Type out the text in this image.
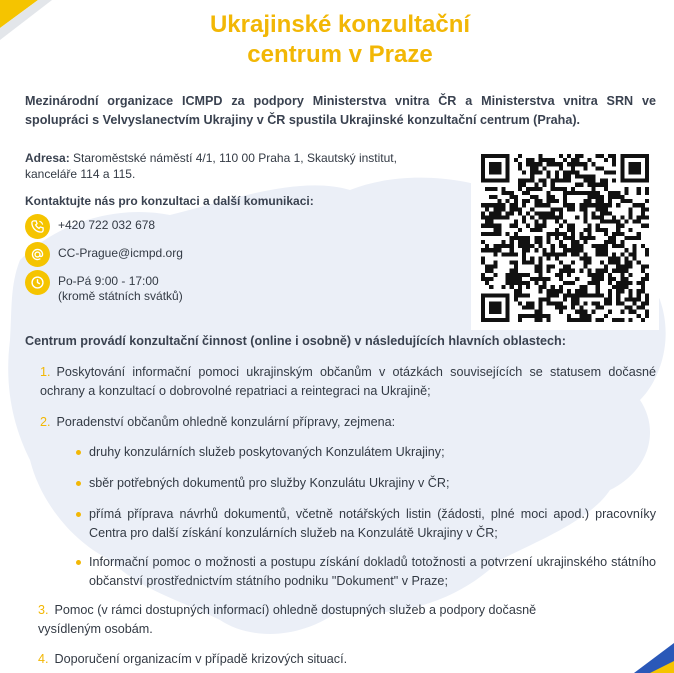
Ukrajinské konzultační
centrum v Praze
Mezinárodní organizace ICMPD za podpory Ministerstva vnitra ČR a Ministerstva vnitra SRN ve spolupráci s Velvyslanectvím Ukrajiny v ČR spustila Ukrajinské konzultační centrum (Praha).
Adresa: Staroměstské náměstí 4/1, 110 00 Praha 1, Skautský institut, kanceláře 114 a 115.
Kontaktujte nás pro konzultaci a další komunikaci:
+420 722 032 678
CC-Prague@icmpd.org
Po-Pá 9:00 - 17:00
(kromě státních svátků)
Centrum provádí konzultační činnost (online i osobně) v následujících hlavních oblastech:
1. Poskytování informační pomoci ukrajinským občanům v otázkách souvisejících se statusem dočasné ochrany a konzultací o dobrovolné repatriaci a reintegraci na Ukrajině;
2. Poradenství občanům ohledně konzulární přípravy, zejmena:
druhy konzulárních služeb poskytovaných Konzulátem Ukrajiny;
sběr potřebných dokumentů pro služby Konzulátu Ukrajiny v ČR;
přímá příprava návrhů dokumentů, včetně notářských listin (žádosti, plné moci apod.) pracovníky Centra pro další získání konzulárních služeb na Konzulátě Ukrajiny v ČR;
Informační pomoc o možnosti a postupu získání dokladů totožnosti a potvrzení ukrajinského státního občanství prostřednictvím státního podniku "Dokument" v Praze;
3. Pomoc (v rámci dostupných informací) ohledně dostupných služeb a podpory dočasně vysídleným osobám.
4. Doporučení organizacím v případě krizových situací.
